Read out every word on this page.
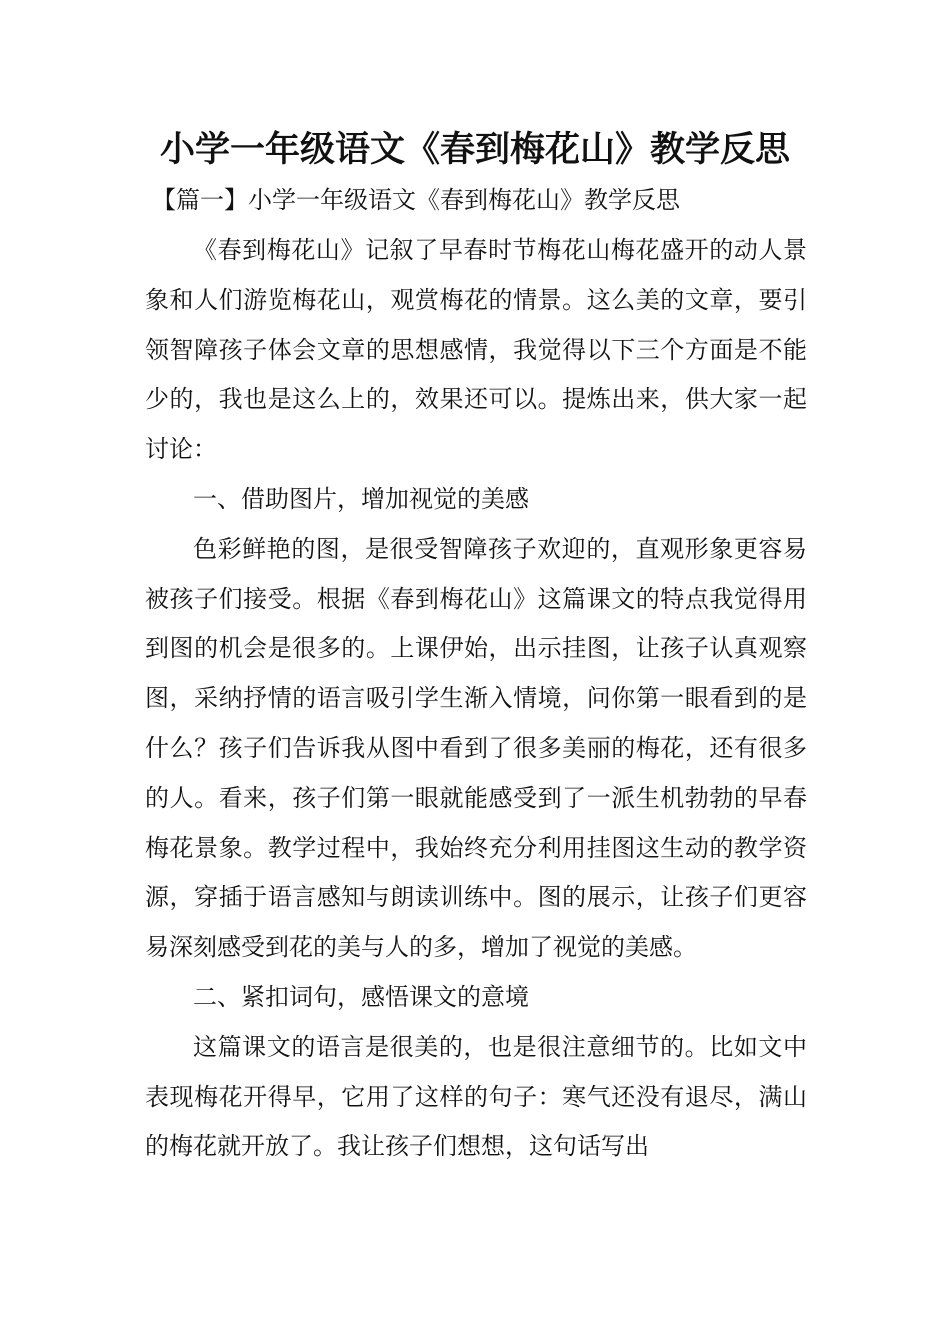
小学一年级语文《春到梅花山》教学反思
【篇一】小学一年级语文《春到梅花山》教学反思

《春到梅花山》记叙了早春时节梅花山梅花盛开的动人景象和人们游览梅花山，观赏梅花的情景。这么美的文章，要引领智障孩子体会文章的思想感情，我觉得以下三个方面是不能少的，我也是这么上的，效果还可以。提炼出来，供大家一起讨论：

一、借助图片，增加视觉的美感

色彩鲜艳的图，是很受智障孩子欢迎的，直观形象更容易被孩子们接受。根据《春到梅花山》这篇课文的特点我觉得用到图的机会是很多的。上课伊始，出示挂图，让孩子认真观察图，采纳抒情的语言吸引学生渐入情境，问你第一眼看到的是什么？孩子们告诉我从图中看到了很多美丽的梅花，还有很多的人。看来，孩子们第一眼就能感受到了一派生机勃勃的早春梅花景象。教学过程中，我始终充分利用挂图这生动的教学资源，穿插于语言感知与朗读训练中。图的展示，让孩子们更容易深刻感受到花的美与人的多，增加了视觉的美感。

二、紧扣词句，感悟课文的意境

这篇课文的语言是很美的，也是很注意细节的。比如文中表现梅花开得早，它用了这样的句子：寒气还没有退尽，满山的梅花就开放了。我让孩子们想想，这句话写出
